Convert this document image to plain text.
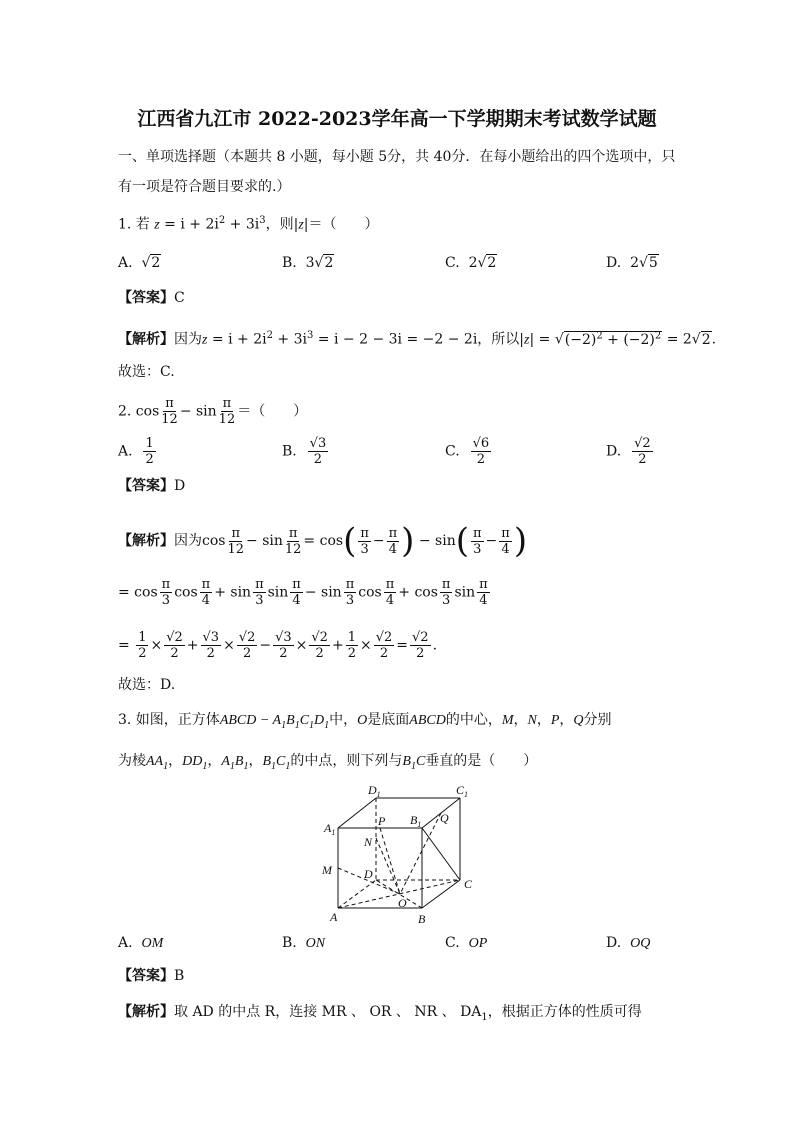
江西省九江市 2022-2023学年高一下学期期末考试数学试题
一、单项选择题（本题共 8 小题，每小题 5分，共 40分．在每小题给出的四个选项中，只
有一项是符合题目要求的.）
1. 若 $z = i + 2i^2 + 3i^3$，则|z|＝（　　）
A.  √2	B.  3√2	C.  2√2	D.  2√5
【答案】C
【解析】因为$z = i + 2i^2 + 3i^3 = i - 2 - 3i = -2 - 2i$，所以$|z| = √(-2)^2 + (-2)^2 = 2√2$.
故选：C.
2. $\cos \frac{\pi}{12} - \sin \frac{\pi}{12}$ ＝（　　）
A. $\frac{1}{2}$	B. $\frac{√3}{2}$	C. $\frac{√6}{2}$	D. $\frac{√2}{2}$
【答案】D
【解析】因为$\cos \frac{\pi}{12} - \sin \frac{\pi}{12} = \cos( \frac{\pi}{3} - \frac{\pi}{4}$ ) − $\sin( \frac{\pi}{3} - \frac{\pi}{4}$ )
= $\cos \frac{\pi}{3}$ $\cos \frac{\pi}{4} + \sin \frac{\pi}{3}$ $\sin \frac{\pi}{4} - \sin \frac{\pi}{3}$ $\cos \frac{\pi}{4} + \cos \frac{\pi}{3}$ $\sin \frac{\pi}{4}$
= $\frac{1}{2} \times \frac{√2}{2} + \frac{√3}{2} \times \frac{√2}{2} - \frac{√3}{2} \times \frac{√2}{2} + \frac{1}{2} \times \frac{√2}{2} = \frac{√2}{2}$ .
故选：D.
3. 如图，正方体ABCD − $A_1B_1C_1D_1$中，O是底面ABCD的中心，M，N，P，Q分别
为棱$AA_1$，$DD_1$，$A_1B_1$，$B_1C_1$的中点，则下列与$B_1C$垂直的是（　　）
$A_1$
$D_1$	$C_1$
$B_1$
P	Q
N
M	D
C
O
A	B
A. OM	B. ON	C. OP	D. OQ
【答案】B
【解析】取 AD 的中点 R，连接 MR 、 OR 、 NR 、 $DA_1$，根据正方体的性质可得
